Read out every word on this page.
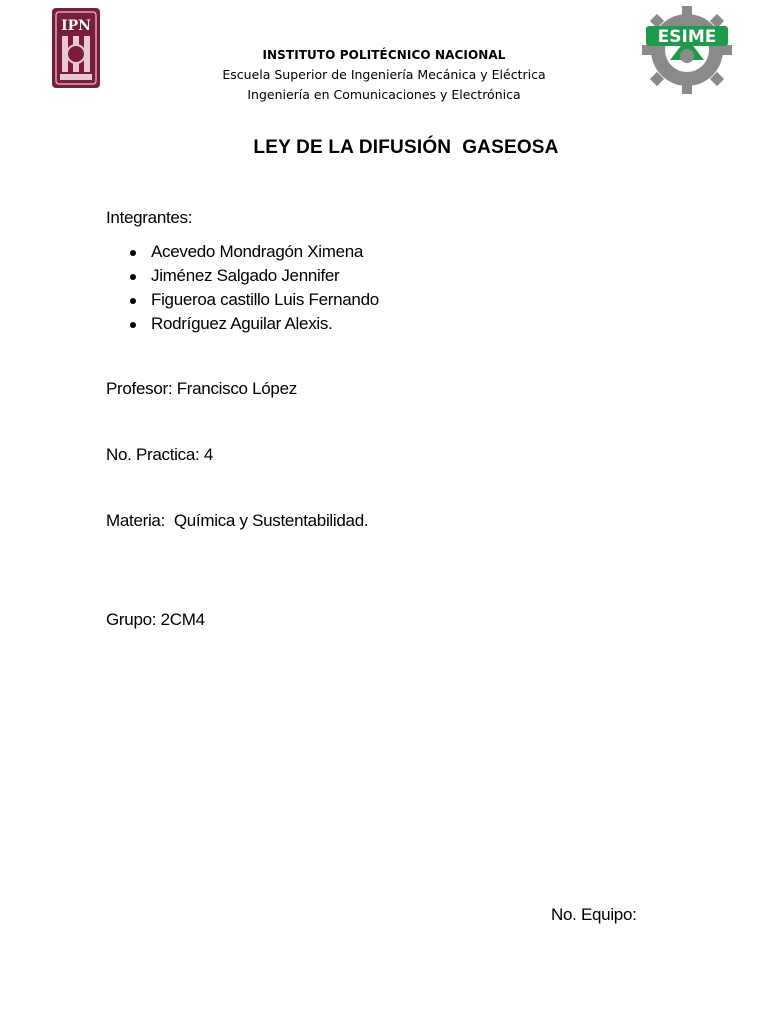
IPN
ESIME
INSTITUTO POLITÉCNICO NACIONAL
Escuela Superior de Ingeniería Mecánica y Eléctrica
Ingeniería en Comunicaciones y Electrónica
LEY DE LA DIFUSIÓN  GASEOSA
Integrantes:
Acevedo Mondragón Ximena
Jiménez Salgado Jennifer
Figueroa castillo Luis Fernando
Rodríguez Aguilar Alexis.
Profesor: Francisco López
No. Practica: 4
Materia:  Química y Sustentabilidad.
Grupo: 2CM4
No. Equipo:
